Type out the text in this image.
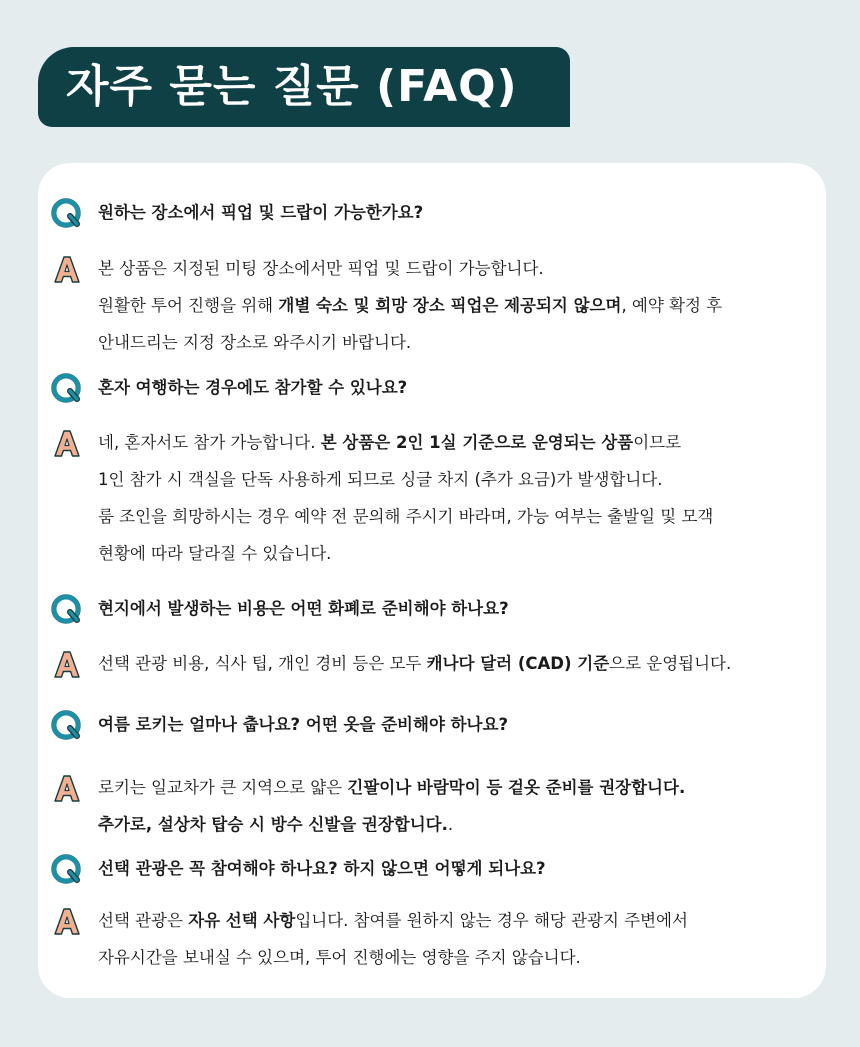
자주 묻는 질문 (FAQ)
원하는 장소에서 픽업 및 드랍이 가능한가요?
본 상품은 지정된 미팅 장소에서만 픽업 및 드랍이 가능합니다.
원활한 투어 진행을 위해 개별 숙소 및 희망 장소 픽업은 제공되지 않으며, 예약 확정 후
안내드리는 지정 장소로 와주시기 바랍니다.
혼자 여행하는 경우에도 참가할 수 있나요?
네, 혼자서도 참가 가능합니다. 본 상품은 2인 1실 기준으로 운영되는 상품이므로
1인 참가 시 객실을 단독 사용하게 되므로 싱글 차지 (추가 요금)가 발생합니다.
룸 조인을 희망하시는 경우 예약 전 문의해 주시기 바라며, 가능 여부는 출발일 및 모객
현황에 따라 달라질 수 있습니다.
현지에서 발생하는 비용은 어떤 화폐로 준비해야 하나요?
선택 관광 비용, 식사 팁, 개인 경비 등은 모두 캐나다 달러 (CAD) 기준으로 운영됩니다.
여름 로키는 얼마나 춥나요? 어떤 옷을 준비해야 하나요?
로키는 일교차가 큰 지역으로 얇은 긴팔이나 바람막이 등 겉옷 준비를 권장합니다.
추가로, 설상차 탑승 시 방수 신발을 권장합니다..
선택 관광은 꼭 참여해야 하나요? 하지 않으면 어떻게 되나요?
선택 관광은 자유 선택 사항입니다. 참여를 원하지 않는 경우 해당 관광지 주변에서
자유시간을 보내실 수 있으며, 투어 진행에는 영향을 주지 않습니다.
